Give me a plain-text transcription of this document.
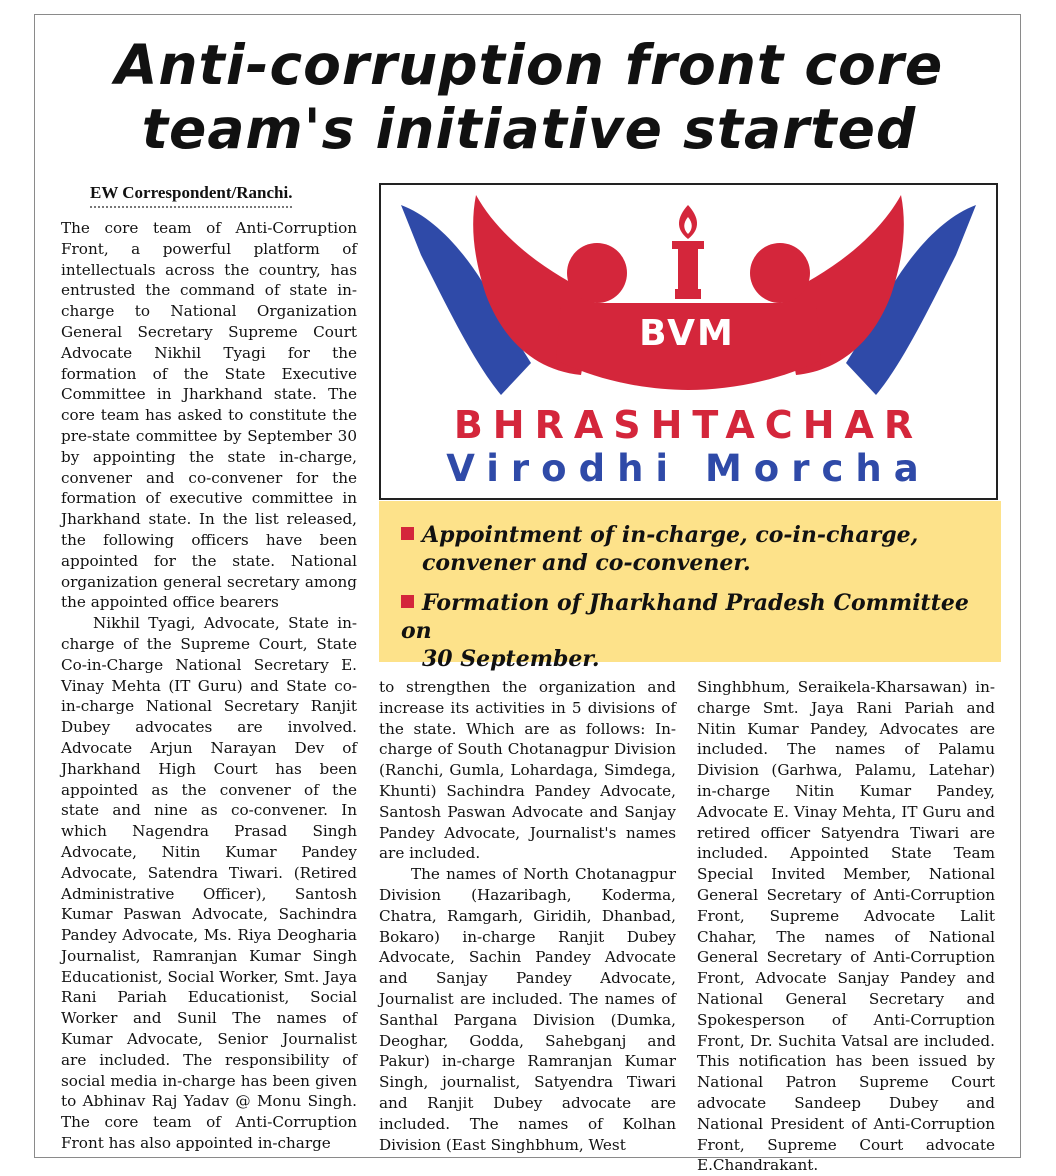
Anti-corruption front core
team's initiative started
EW Correspondent/Ranchi.

The core team of Anti-Corruption Front, a powerful platform of intellectuals across the country, has entrusted the command of state in-charge to National Organization General Secretary Supreme Court Advocate Nikhil Tyagi for the formation of the State Executive Committee in Jharkhand state. The core team has asked to constitute the pre-state committee by September 30 by appointing the state in-charge, convener and co-convener for the formation of executive committee in Jharkhand state. In the list released, the following officers have been appointed for the state. National organization general secretary among the appointed office bearers

Nikhil Tyagi, Advocate, State in-charge of the Supreme Court, State Co-in-Charge National Secretary E. Vinay Mehta (IT Guru) and State co-in-charge National Secretary Ranjit Dubey advocates are involved. Advocate Arjun Narayan Dev of Jharkhand High Court has been appointed as the convener of the state and nine as co-convener. In which Nagendra Prasad Singh Advocate, Nitin Kumar Pandey Advocate, Satendra Tiwari. (Retired Administrative Officer), Santosh Kumar Paswan Advocate, Sachindra Pandey Advocate, Ms. Riya Deogharia Journalist, Ramranjan Kumar Singh Educationist, Social Worker, Smt. Jaya Rani Pariah Educationist, Social Worker and Sunil The names of Kumar Advocate, Senior Journalist are included. The responsibility of social media in-charge has been given to Abhinav Raj Yadav @ Monu Singh. The core team of Anti-Corruption Front has also appointed in-charge

BVM
BHRASHTACHAR
Virodhi Morcha
Appointment of in-charge, co-in-charge,
convener and co-convener.
Formation of Jharkhand Pradesh Committee on
30 September.

to strengthen the organization and increase its activities in 5 divisions of the state. Which are as follows: In-charge of South Chotanagpur Division (Ranchi, Gumla, Lohardaga, Simdega, Khunti) Sachindra Pandey Advocate, Santosh Paswan Advocate and Sanjay Pandey Advocate, Journalist's names are included.

The names of North Chotanagpur Division (Hazaribagh, Koderma, Chatra, Ramgarh, Giridih, Dhanbad, Bokaro) in-charge Ranjit Dubey Advocate, Sachin Pandey Advocate and Sanjay Pandey Advocate, Journalist are included. The names of Santhal Pargana Division (Dumka, Deoghar, Godda, Sahebganj and Pakur) in-charge Ramranjan Kumar Singh, journalist, Satyendra Tiwari and Ranjit Dubey advocate are included. The names of Kolhan Division (East Singhbhum, West

Singhbhum, Seraikela-Kharsawan) in-charge Smt. Jaya Rani Pariah and Nitin Kumar Pandey, Advocates are included. The names of Palamu Division (Garhwa, Palamu, Latehar) in-charge Nitin Kumar Pandey, Advocate E. Vinay Mehta, IT Guru and retired officer Satyendra Tiwari are included. Appointed State Team Special Invited Member, National General Secretary of Anti-Corruption Front, Supreme Advocate Lalit Chahar, The names of National General Secretary of Anti-Corruption Front, Advocate Sanjay Pandey and National General Secretary and Spokesperson of Anti-Corruption Front, Dr. Suchita Vatsal are included. This notification has been issued by National Patron Supreme Court advocate Sandeep Dubey and National President of Anti-Corruption Front, Supreme Court advocate E.Chandrakant.
